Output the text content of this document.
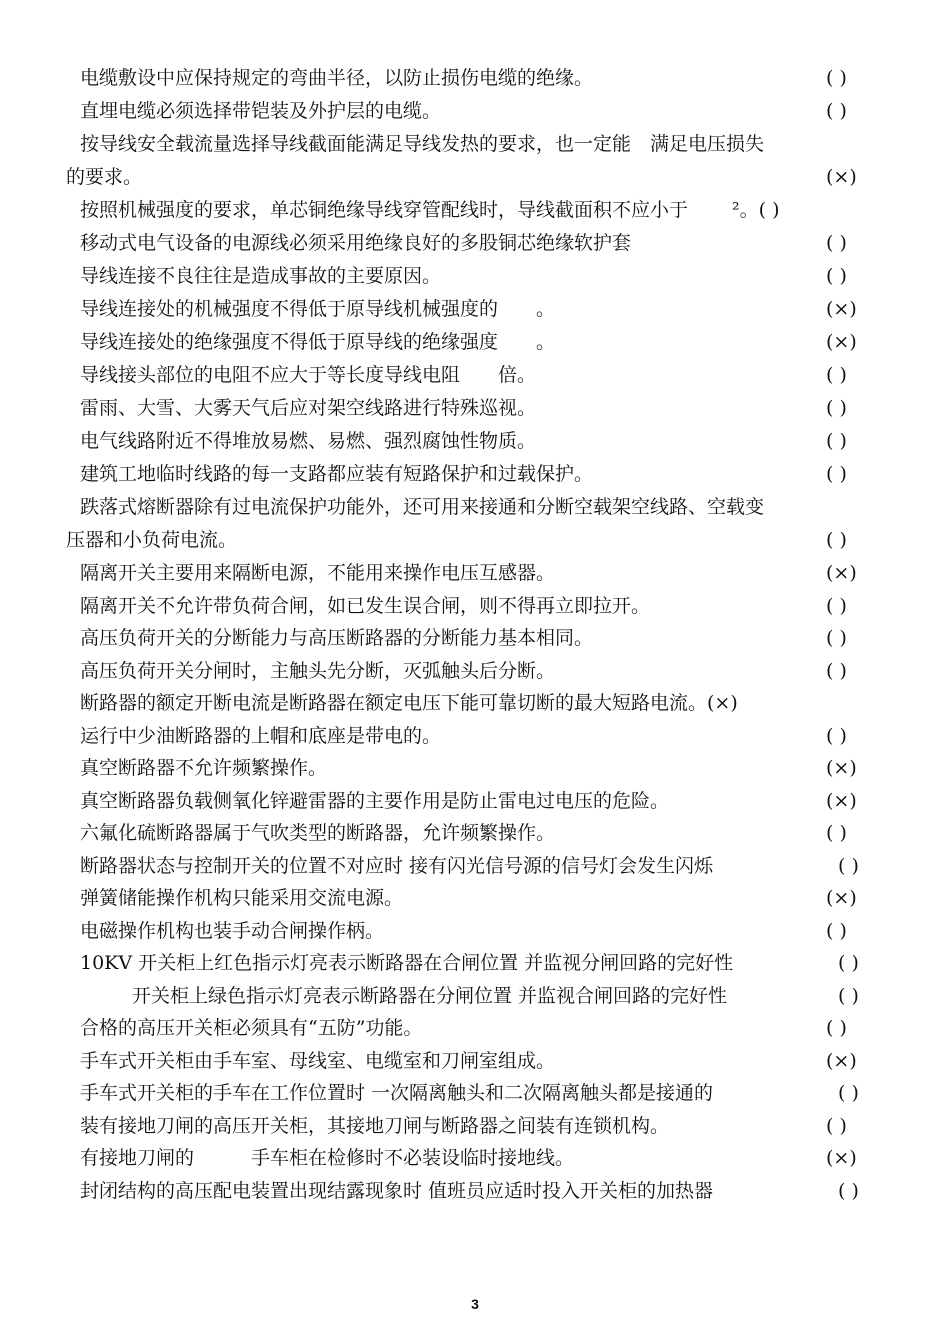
电缆敷设中应保持规定的弯曲半径，以防止损伤电缆的绝缘。	( )
直埋电缆必须选择带铠装及外护层的电缆。	( )
按导线安全载流量选择导线截面能满足导线发热的要求，也一定能　满足电压损失
的要求。	(×)
按照机械强度的要求，单芯铜绝缘导线穿管配线时，导线截面积不应小于　　 ²。( )
移动式电气设备的电源线必须采用绝缘良好的多股铜芯绝缘软护套	( )
导线连接不良往往是造成事故的主要原因。	( )
导线连接处的机械强度不得低于原导线机械强度的　　。	(×)
导线连接处的绝缘强度不得低于原导线的绝缘强度　　。	(×)
导线接头部位的电阻不应大于等长度导线电阻　　倍。	( )
雷雨、大雪、大雾天气后应对架空线路进行特殊巡视。	( )
电气线路附近不得堆放易燃、易燃、强烈腐蚀性物质。	( )
建筑工地临时线路的每一支路都应装有短路保护和过载保护。	( )
跌落式熔断器除有过电流保护功能外，还可用来接通和分断空载架空线路、空载变
压器和小负荷电流。	( )
隔离开关主要用来隔断电源，不能用来操作电压互感器。	(×)
隔离开关不允许带负荷合闸，如已发生误合闸，则不得再立即拉开。	( )
高压负荷开关的分断能力与高压断路器的分断能力基本相同。	( )
高压负荷开关分闸时，主触头先分断，灭弧触头后分断。	( )
断路器的额定开断电流是断路器在额定电压下能可靠切断的最大短路电流。(×)
运行中少油断路器的上帽和底座是带电的。	( )
真空断路器不允许频繁操作。	(×)
真空断路器负载侧氧化锌避雷器的主要作用是防止雷电过电压的危险。	(×)
六氟化硫断路器属于气吹类型的断路器，允许频繁操作。	( )
断路器状态与控制开关的位置不对应时 接有闪光信号源的信号灯会发生闪烁	( )
弹簧储能操作机构只能采用交流电源。	(×)
电磁操作机构也装手动合闸操作柄。	( )
10KV 开关柜上红色指示灯亮表示断路器在合闸位置 并监视分闸回路的完好性	( )
开关柜上绿色指示灯亮表示断路器在分闸位置 并监视合闸回路的完好性	( )
合格的高压开关柜必须具有“五防”功能。	( )
手车式开关柜由手车室、母线室、电缆室和刀闸室组成。	(×)
手车式开关柜的手车在工作位置时 一次隔离触头和二次隔离触头都是接通的	( )
装有接地刀闸的高压开关柜，其接地刀闸与断路器之间装有连锁机构。	( )
有接地刀闸的　　　手车柜在检修时不必装设临时接地线。	(×)
封闭结构的高压配电装置出现结露现象时 值班员应适时投入开关柜的加热器	( )
3
